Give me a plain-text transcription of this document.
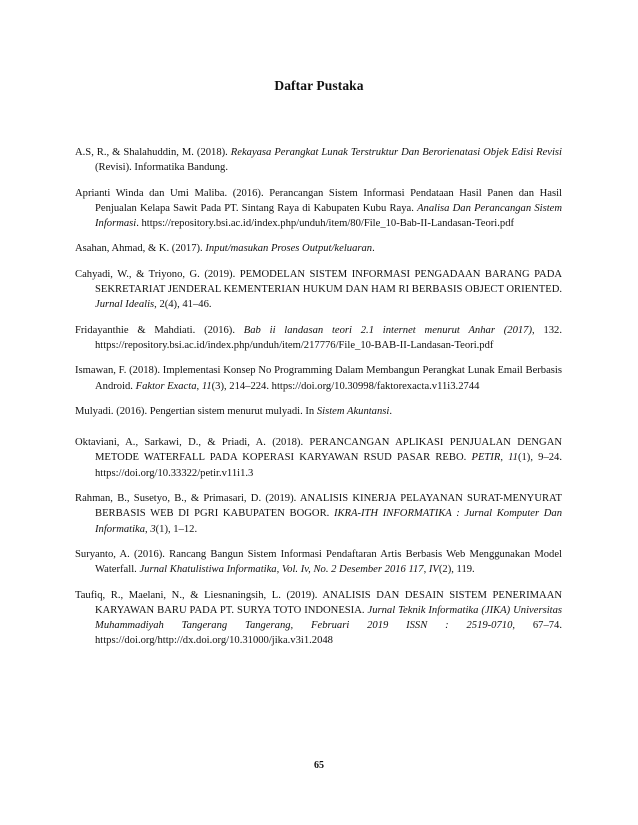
Daftar Pustaka
A.S, R., & Shalahuddin, M. (2018). Rekayasa Perangkat Lunak Terstruktur Dan Berorienatasi Objek Edisi Revisi (Revisi). Informatika Bandung.
Aprianti Winda dan Umi Maliba. (2016). Perancangan Sistem Informasi Pendataan Hasil Panen dan Hasil Penjualan Kelapa Sawit Pada PT. Sintang Raya di Kabupaten Kubu Raya. Analisa Dan Perancangan Sistem Informasi. https://repository.bsi.ac.id/index.php/unduh/item/80/File_10-Bab-II-Landasan-Teori.pdf
Asahan, Ahmad, & K. (2017). Input/masukan Proses Output/keluaran.
Cahyadi, W., & Triyono, G. (2019). PEMODELAN SISTEM INFORMASI PENGADAAN BARANG PADA SEKRETARIAT JENDERAL KEMENTERIAN HUKUM DAN HAM RI BERBASIS OBJECT ORIENTED. Jurnal Idealis, 2(4), 41–46.
Fridayanthie & Mahdiati. (2016). Bab ii landasan teori 2.1 internet menurut Anhar (2017), 132. https://repository.bsi.ac.id/index.php/unduh/item/217776/File_10-BAB-II-Landasan-Teori.pdf
Ismawan, F. (2018). Implementasi Konsep No Programming Dalam Membangun Perangkat Lunak Email Berbasis Android. Faktor Exacta, 11(3), 214–224. https://doi.org/10.30998/faktorexacta.v11i3.2744
Mulyadi. (2016). Pengertian sistem menurut mulyadi. In Sistem Akuntansi.
Oktaviani, A., Sarkawi, D., & Priadi, A. (2018). PERANCANGAN APLIKASI PENJUALAN DENGAN METODE WATERFALL PADA KOPERASI KARYAWAN RSUD PASAR REBO. PETIR, 11(1), 9–24. https://doi.org/10.33322/petir.v11i1.3
Rahman, B., Susetyo, B., & Primasari, D. (2019). ANALISIS KINERJA PELAYANAN SURAT-MENYURAT BERBASIS WEB DI PGRI KABUPATEN BOGOR. IKRA-ITH INFORMATIKA : Jurnal Komputer Dan Informatika, 3(1), 1–12.
Suryanto, A. (2016). Rancang Bangun Sistem Informasi Pendaftaran Artis Berbasis Web Menggunakan Model Waterfall. Jurnal Khatulistiwa Informatika, Vol. Iv, No. 2 Desember 2016 117, IV(2), 119.
Taufiq, R., Maelani, N., & Liesnaningsih, L. (2019). ANALISIS DAN DESAIN SISTEM PENERIMAAN KARYAWAN BARU PADA PT. SURYA TOTO INDONESIA. Jurnal Teknik Informatika (JIKA) Universitas Muhammadiyah Tangerang Tangerang, Februari 2019 ISSN : 2519-0710, 67–74. https://doi.org/http://dx.doi.org/10.31000/jika.v3i1.2048
65
